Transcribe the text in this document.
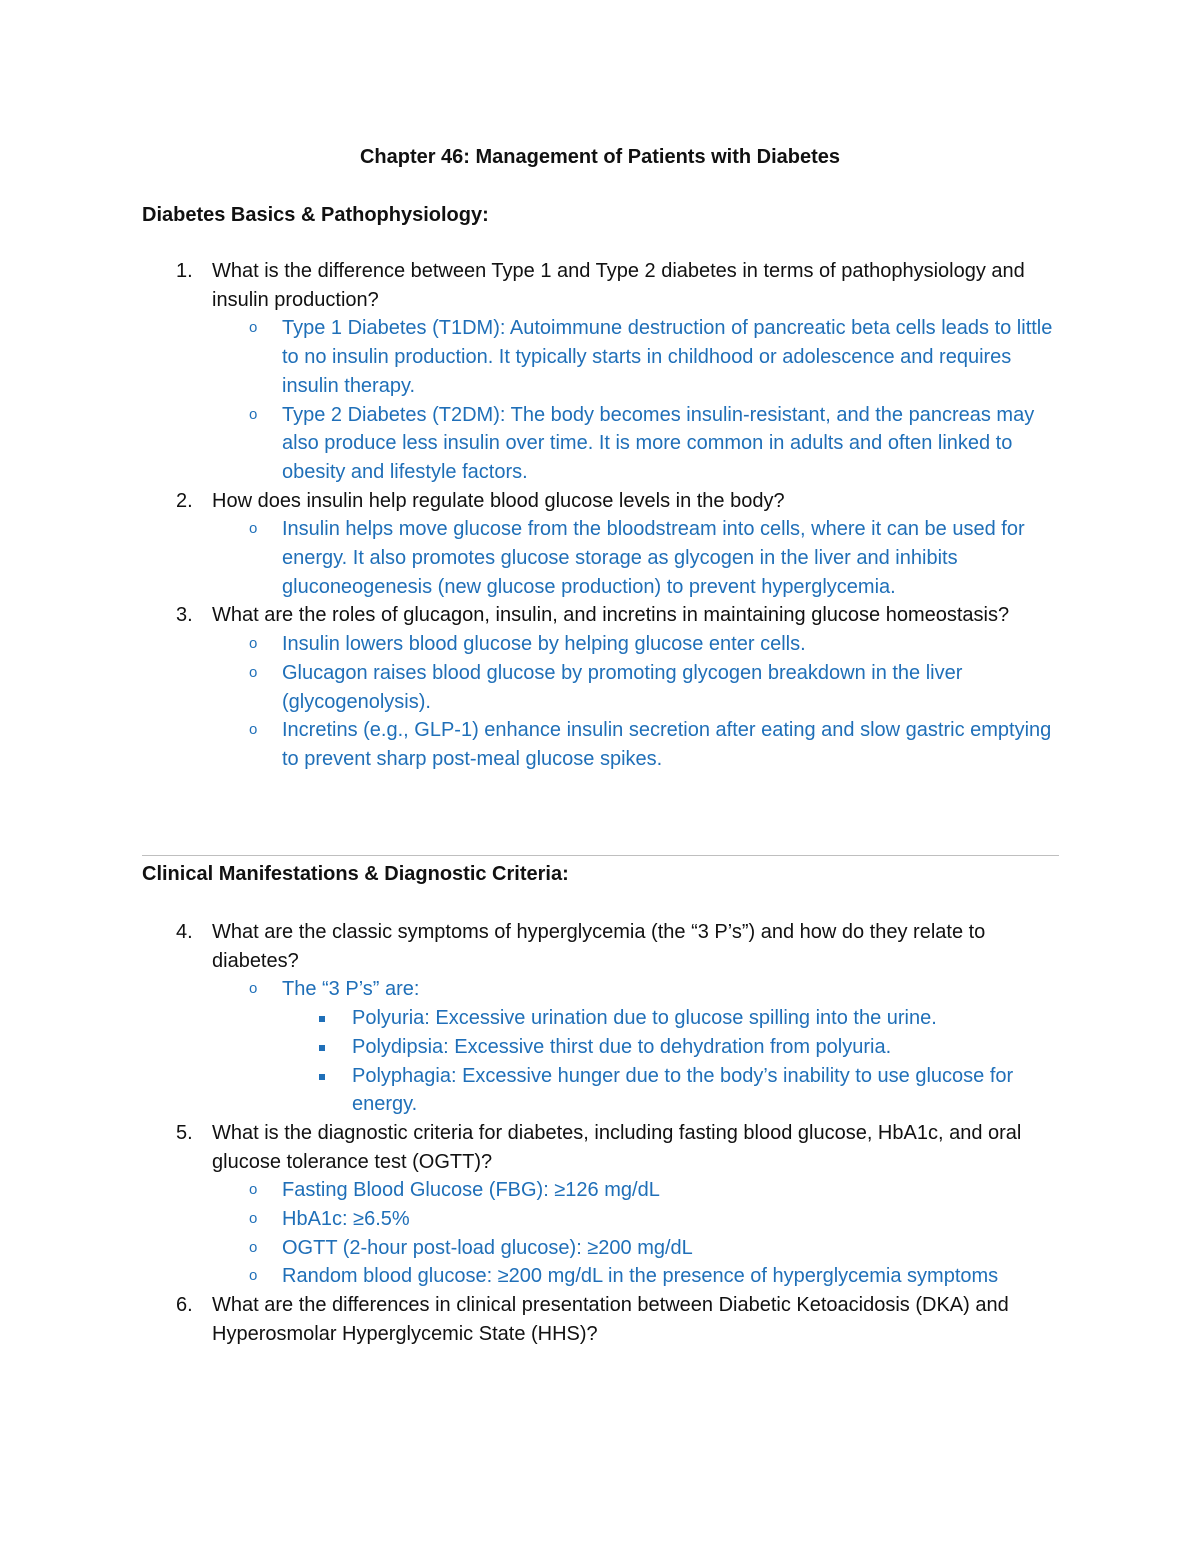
Chapter 46: Management of Patients with Diabetes
Diabetes Basics & Pathophysiology:
1. What is the difference between Type 1 and Type 2 diabetes in terms of pathophysiology and insulin production?
o Type 1 Diabetes (T1DM): Autoimmune destruction of pancreatic beta cells leads to little to no insulin production. It typically starts in childhood or adolescence and requires insulin therapy.
o Type 2 Diabetes (T2DM): The body becomes insulin-resistant, and the pancreas may also produce less insulin over time. It is more common in adults and often linked to obesity and lifestyle factors.
2. How does insulin help regulate blood glucose levels in the body?
o Insulin helps move glucose from the bloodstream into cells, where it can be used for energy. It also promotes glucose storage as glycogen in the liver and inhibits gluconeogenesis (new glucose production) to prevent hyperglycemia.
3. What are the roles of glucagon, insulin, and incretins in maintaining glucose homeostasis?
o Insulin lowers blood glucose by helping glucose enter cells.
o Glucagon raises blood glucose by promoting glycogen breakdown in the liver (glycogenolysis).
o Incretins (e.g., GLP-1) enhance insulin secretion after eating and slow gastric emptying to prevent sharp post-meal glucose spikes.
Clinical Manifestations & Diagnostic Criteria:
4. What are the classic symptoms of hyperglycemia (the “3 P’s”) and how do they relate to diabetes?
o The “3 P’s” are:
Polyuria: Excessive urination due to glucose spilling into the urine.
Polydipsia: Excessive thirst due to dehydration from polyuria.
Polyphagia: Excessive hunger due to the body’s inability to use glucose for energy.
5. What is the diagnostic criteria for diabetes, including fasting blood glucose, HbA1c, and oral glucose tolerance test (OGTT)?
o Fasting Blood Glucose (FBG): ≥126 mg/dL
o HbA1c: ≥6.5%
o OGTT (2-hour post-load glucose): ≥200 mg/dL
o Random blood glucose: ≥200 mg/dL in the presence of hyperglycemia symptoms
6. What are the differences in clinical presentation between Diabetic Ketoacidosis (DKA) and Hyperosmolar Hyperglycemic State (HHS)?
